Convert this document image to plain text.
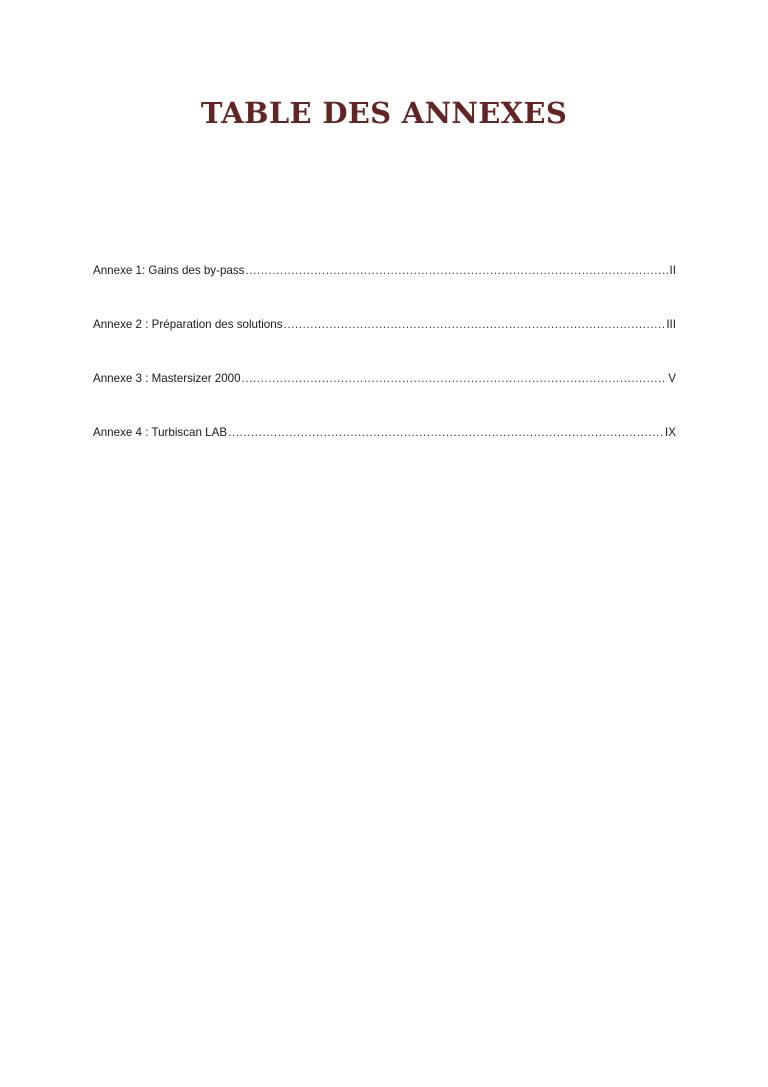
TABLE DES ANNEXES
Annexe 1: Gains des by-pass .....	II
Annexe 2 : Préparation des solutions .....	III
Annexe 3 : Mastersizer 2000 .....	V
Annexe 4 : Turbiscan LAB .....	IX
